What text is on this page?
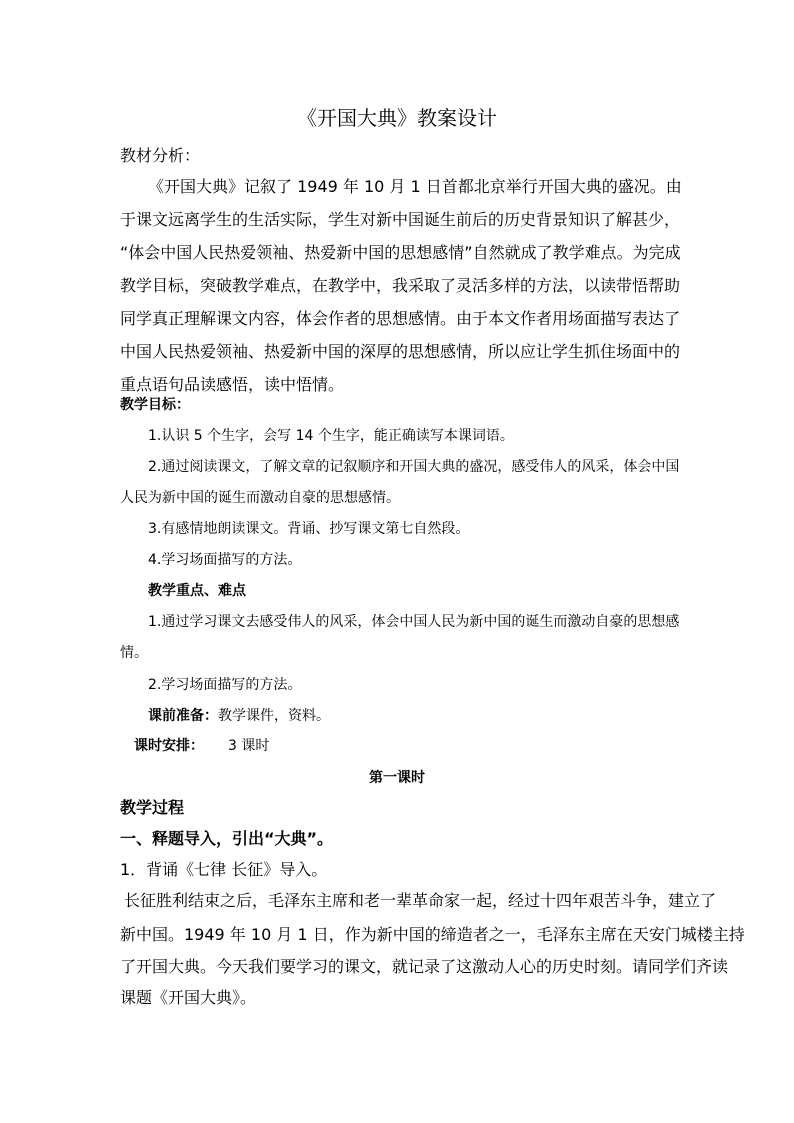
《开国大典》教案设计
教材分析：
《开国大典》记叙了 1949 年 10 月 1 日首都北京举行开国大典的盛况。由
于课文远离学生的生活实际，学生对新中国诞生前后的历史背景知识了解甚少，
“体会中国人民热爱领袖、热爱新中国的思想感情”自然就成了教学难点。为完成
教学目标，突破教学难点，在教学中，我采取了灵活多样的方法，以读带悟帮助
同学真正理解课文内容，体会作者的思想感情。由于本文作者用场面描写表达了
中国人民热爱领袖、热爱新中国的深厚的思想感情，所以应让学生抓住场面中的
重点语句品读感悟，读中悟情。
教学目标：
1.认识 5 个生字，会写 14 个生字，能正确读写本课词语。
2.通过阅读课文，了解文章的记叙顺序和开国大典的盛况，感受伟人的风采，体会中国
人民为新中国的诞生而激动自豪的思想感情。
3.有感情地朗读课文。背诵、抄写课文第七自然段。
4.学习场面描写的方法。
教学重点、难点
1.通过学习课文去感受伟人的风采，体会中国人民为新中国的诞生而激动自豪的思想感
情。
2.学习场面描写的方法。
课前准备：教学课件，资料。
课时安排： 3 课时
第一课时
教学过程
一、释题导入，引出“大典”。
1．背诵《七律 长征》导入。
长征胜利结束之后，毛泽东主席和老一辈革命家一起，经过十四年艰苦斗争，建立了
新中国。1949 年 10 月 1 日，作为新中国的缔造者之一，毛泽东主席在天安门城楼主持
了开国大典。今天我们要学习的课文，就记录了这激动人心的历史时刻。请同学们齐读
课题《开国大典》。
